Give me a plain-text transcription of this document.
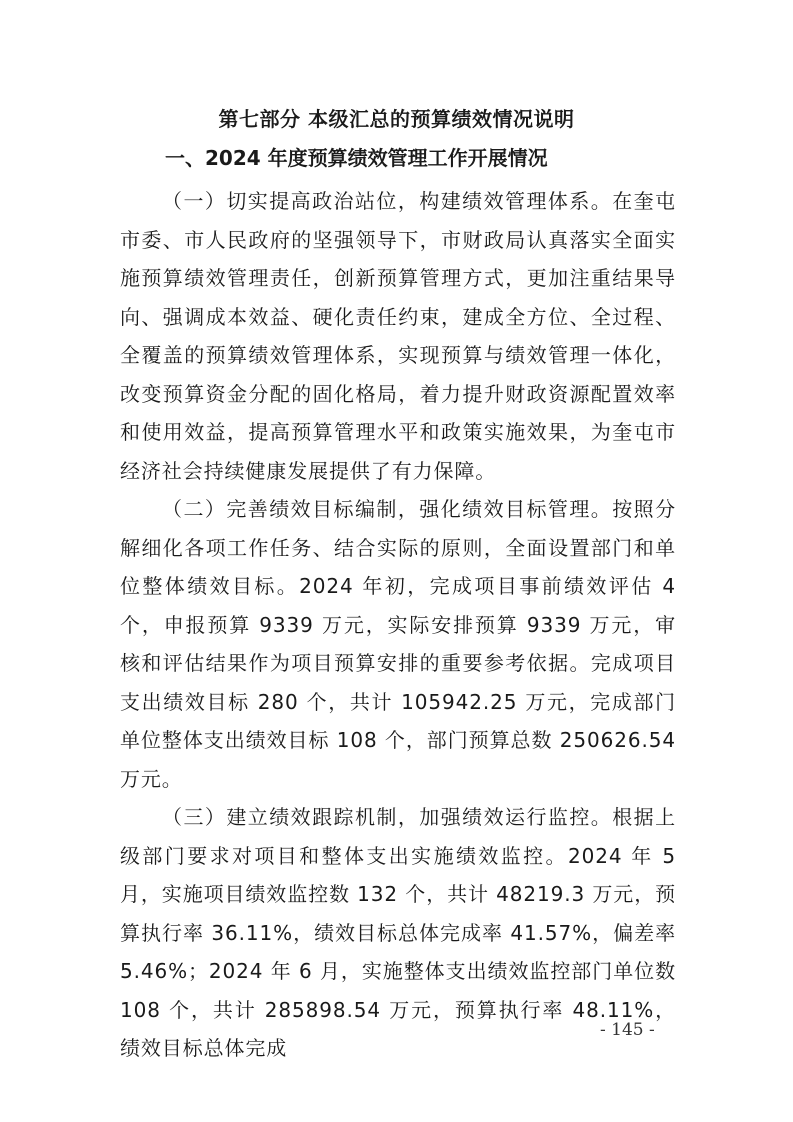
第七部分 本级汇总的预算绩效情况说明
一、2024 年度预算绩效管理工作开展情况

（一）切实提高政治站位，构建绩效管理体系。在奎屯市委、市人民政府的坚强领导下，市财政局认真落实全面实施预算绩效管理责任，创新预算管理方式，更加注重结果导向、强调成本效益、硬化责任约束，建成全方位、全过程、全覆盖的预算绩效管理体系，实现预算与绩效管理一体化，改变预算资金分配的固化格局，着力提升财政资源配置效率和使用效益，提高预算管理水平和政策实施效果，为奎屯市经济社会持续健康发展提供了有力保障。

（二）完善绩效目标编制，强化绩效目标管理。按照分解细化各项工作任务、结合实际的原则，全面设置部门和单位整体绩效目标。2024 年初，完成项目事前绩效评估 4 个，申报预算 9339 万元，实际安排预算 9339 万元，审核和评估结果作为项目预算安排的重要参考依据。完成项目支出绩效目标 280 个，共计 105942.25 万元，完成部门单位整体支出绩效目标 108 个，部门预算总数 250626.54 万元。

（三）建立绩效跟踪机制，加强绩效运行监控。根据上级部门要求对项目和整体支出实施绩效监控。2024 年 5 月，实施项目绩效监控数 132 个，共计 48219.3 万元，预算执行率 36.11%，绩效目标总体完成率 41.57%，偏差率 5.46%；2024 年 6 月，实施整体支出绩效监控部门单位数 108 个，共计 285898.54 万元，预算执行率 48.11%，绩效目标总体完成

- 145 -
